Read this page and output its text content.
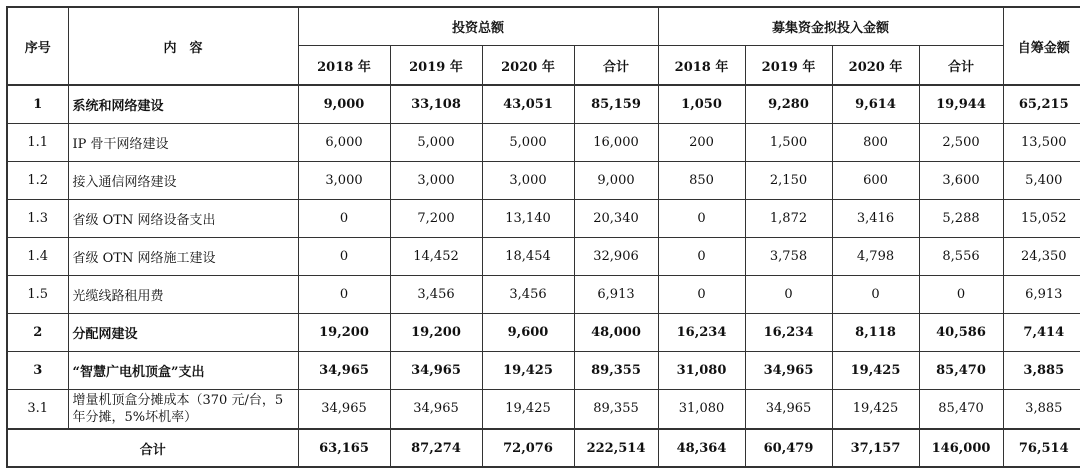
序号	内　容	投资总额				募集资金拟投入金额				自筹金额
		2018 年	2019 年	2020 年	合计	2018 年	2019 年	2020 年	合计	
1	系统和网络建设	9,000	33,108	43,051	85,159	1,050	9,280	9,614	19,944	65,215
1.1	IP 骨干网络建设	6,000	5,000	5,000	16,000	200	1,500	800	2,500	13,500
1.2	接入通信网络建设	3,000	3,000	3,000	9,000	850	2,150	600	3,600	5,400
1.3	省级 OTN 网络设备支出	0	7,200	13,140	20,340	0	1,872	3,416	5,288	15,052
1.4	省级 OTN 网络施工建设	0	14,452	18,454	32,906	0	3,758	4,798	8,556	24,350
1.5	光缆线路租用费	0	3,456	3,456	6,913	0	0	0	0	6,913
2	分配网建设	19,200	19,200	9,600	48,000	16,234	16,234	8,118	40,586	7,414
3	“智慧广电机顶盒”支出	34,965	34,965	19,425	89,355	31,080	34,965	19,425	85,470	3,885
3.1	增量机顶盒分摊成本（370 元/台，5 年分摊，5%坏机率）	34,965	34,965	19,425	89,355	31,080	34,965	19,425	85,470	3,885
合计		63,165	87,274	72,076	222,514	48,364	60,479	37,157	146,000	76,514
